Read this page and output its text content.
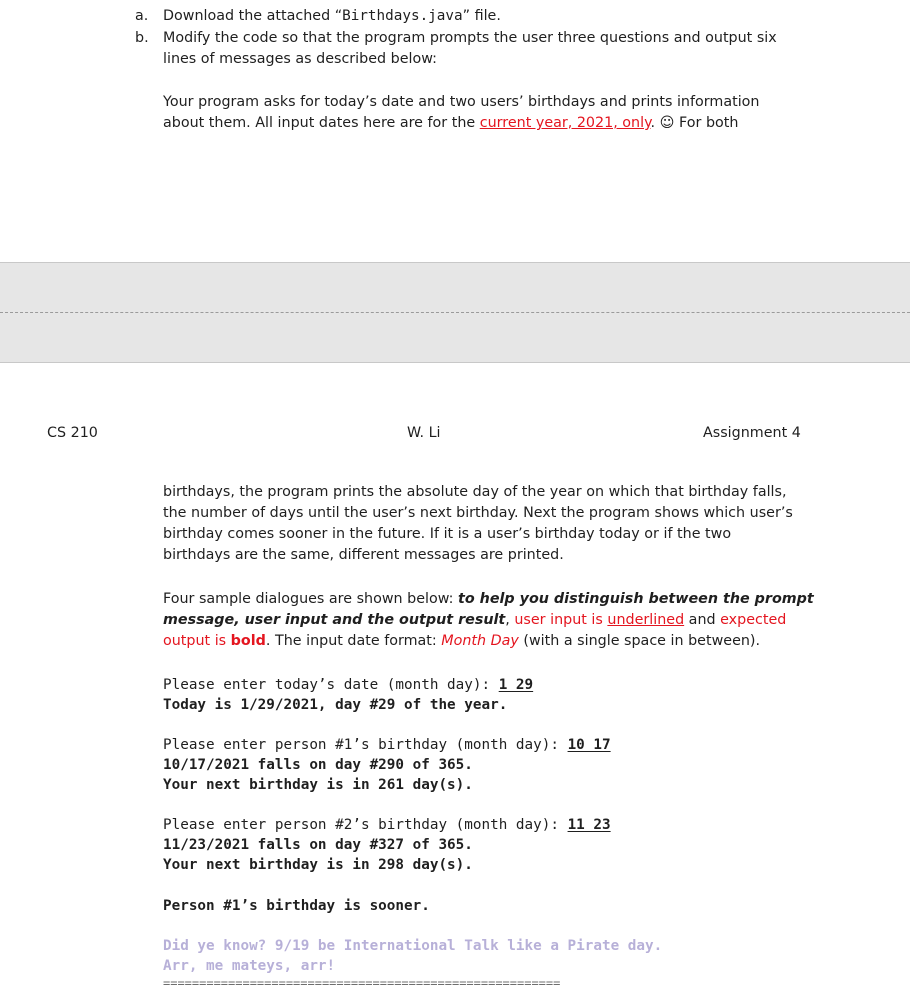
a. Download the attached “Birthdays.java” file.
b. Modify the code so that the program prompts the user three questions and output six
lines of messages as described below:
Your program asks for today’s date and two users’ birthdays and prints information
about them. All input dates here are for the current year, 2021, only. ☺ For both
CS 210	W. Li	Assignment 4
birthdays, the program prints the absolute day of the year on which that birthday falls,
the number of days until the user’s next birthday. Next the program shows which user’s
birthday comes sooner in the future. If it is a user’s birthday today or if the two
birthdays are the same, different messages are printed.
Four sample dialogues are shown below: to help you distinguish between the prompt
message, user input and the output result, user input is underlined and expected
output is bold. The input date format: Month Day (with a single space in between).
Please enter today’s date (month day): 1 29
Today is 1/29/2021, day #29 of the year.
Please enter person #1’s birthday (month day): 10 17
10/17/2021 falls on day #290 of 365.
Your next birthday is in 261 day(s).
Please enter person #2’s birthday (month day): 11 23
11/23/2021 falls on day #327 of 365.
Your next birthday is in 298 day(s).
Person #1’s birthday is sooner.
Did ye know? 9/19 be International Talk like a Pirate day.
Arr, me mateys, arr!
=======================================================
